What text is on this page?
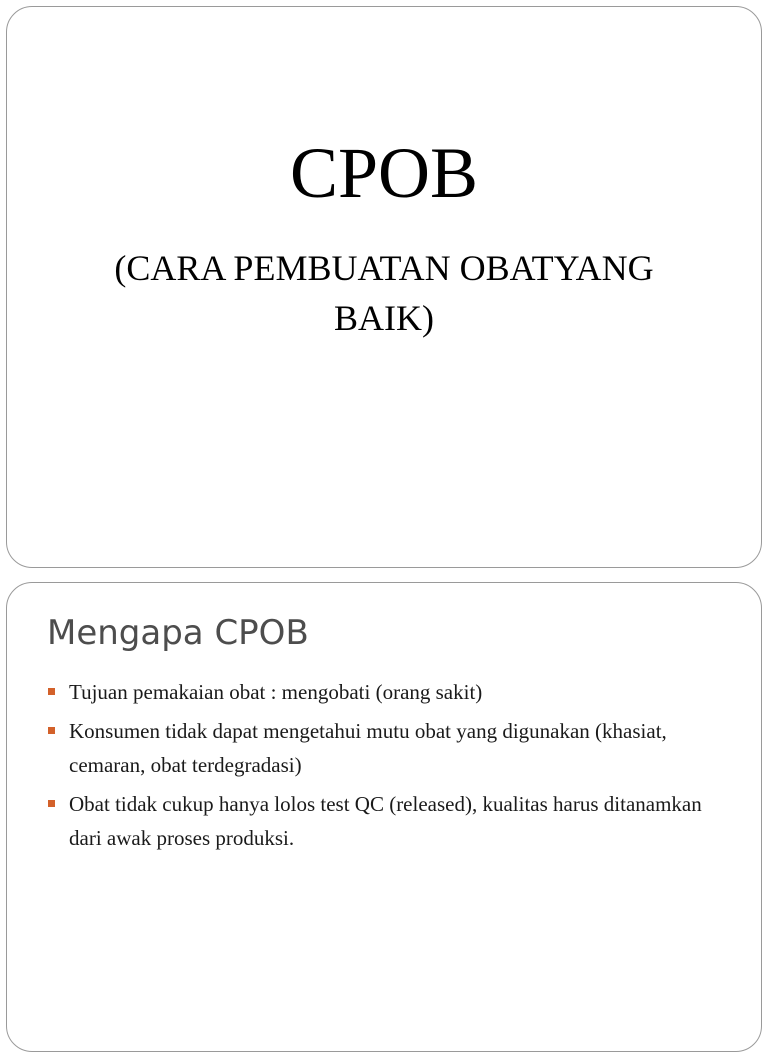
CPOB
(CARA PEMBUATAN OBATYANG
BAIK)
Mengapa CPOB
Tujuan pemakaian obat : mengobati (orang sakit)
Konsumen tidak dapat mengetahui mutu obat yang digunakan (khasiat, cemaran, obat terdegradasi)
Obat tidak cukup hanya lolos test QC (released), kualitas harus ditanamkan dari awak proses produksi.
